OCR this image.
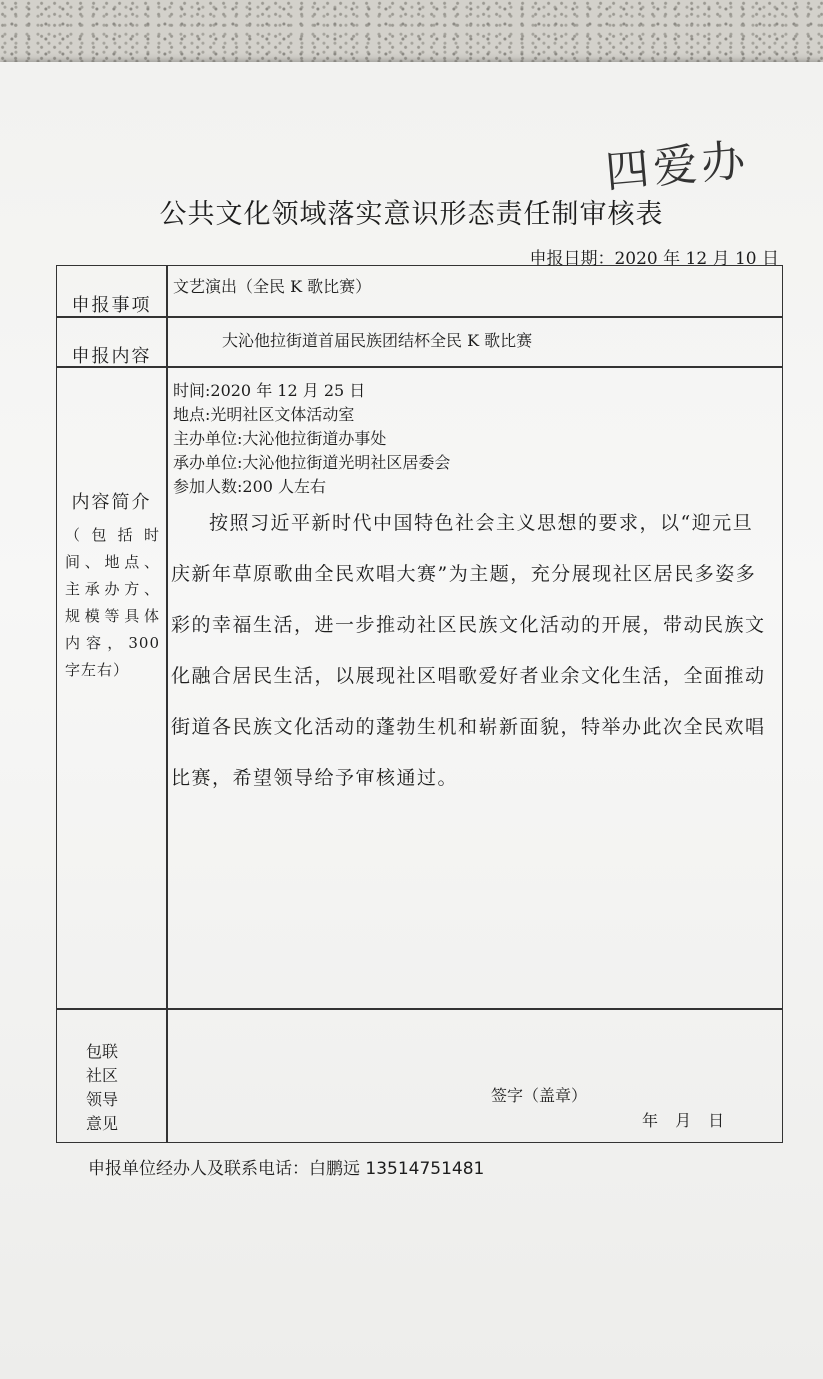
四爱办
公共文化领域落实意识形态责任制审核表
申报日期：2020 年 12 月 10 日
申报事项
文艺演出（全民 K 歌比赛）
申报内容
大沁他拉街道首届民族团结杯全民 K 歌比赛
内容简介
（包括时间、地点、主承办方、规模等具体内容，300字左右）
时间:2020 年 12 月 25 日
地点:光明社区文体活动室
主办单位:大沁他拉街道办事处
承办单位:大沁他拉街道光明社区居委会
参加人数:200 人左右
按照习近平新时代中国特色社会主义思想的要求，以“迎元旦 庆新年草原歌曲全民欢唱大赛”为主题，充分展现社区居民多姿多彩的幸福生活，进一步推动社区民族文化活动的开展，带动民族文化融合居民生活，以展现社区唱歌爱好者业余文化生活，全面推动街道各民族文化活动的蓬勃生机和崭新面貌，特举办此次全民欢唱比赛，希望领导给予审核通过。
签字（盖章）
年 月 日
包联社区领导意见
申报单位经办人及联系电话：白鹏远 13514751481
